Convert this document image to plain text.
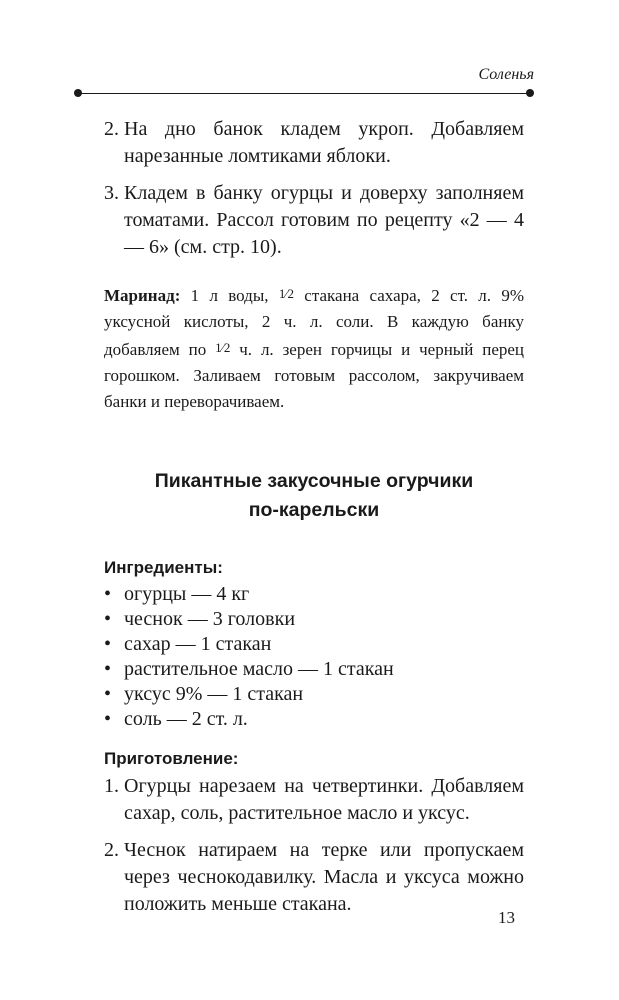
Соленья
2. На дно банок кладем укроп. Добавляем нарезанные ломтиками яблоки.
3. Кладем в банку огурцы и доверху заполняем томатами. Рассол готовим по рецепту «2 — 4 — 6» (см. стр. 10).

Маринад: 1 л воды, 1⁄2 стакана сахара, 2 ст. л. 9% уксусной кислоты, 2 ч. л. соли. В каждую банку добавляем по 1⁄2 ч. л. зерен горчицы и черный перец горошком. Заливаем готовым рассолом, закручиваем банки и переворачиваем.

Пикантные закусочные огурчики
по-карельски
Ингредиенты:
• огурцы — 4 кг
• чеснок — 3 головки
• сахар — 1 стакан
• растительное масло — 1 стакан
• уксус 9% — 1 стакан
• соль — 2 ст. л.
Приготовление:
1. Огурцы нарезаем на четвертинки. Добавляем сахар, соль, растительное масло и уксус.
2. Чеснок натираем на терке или пропускаем через чеснокодавилку. Масла и уксуса можно положить меньше стакана.
13
